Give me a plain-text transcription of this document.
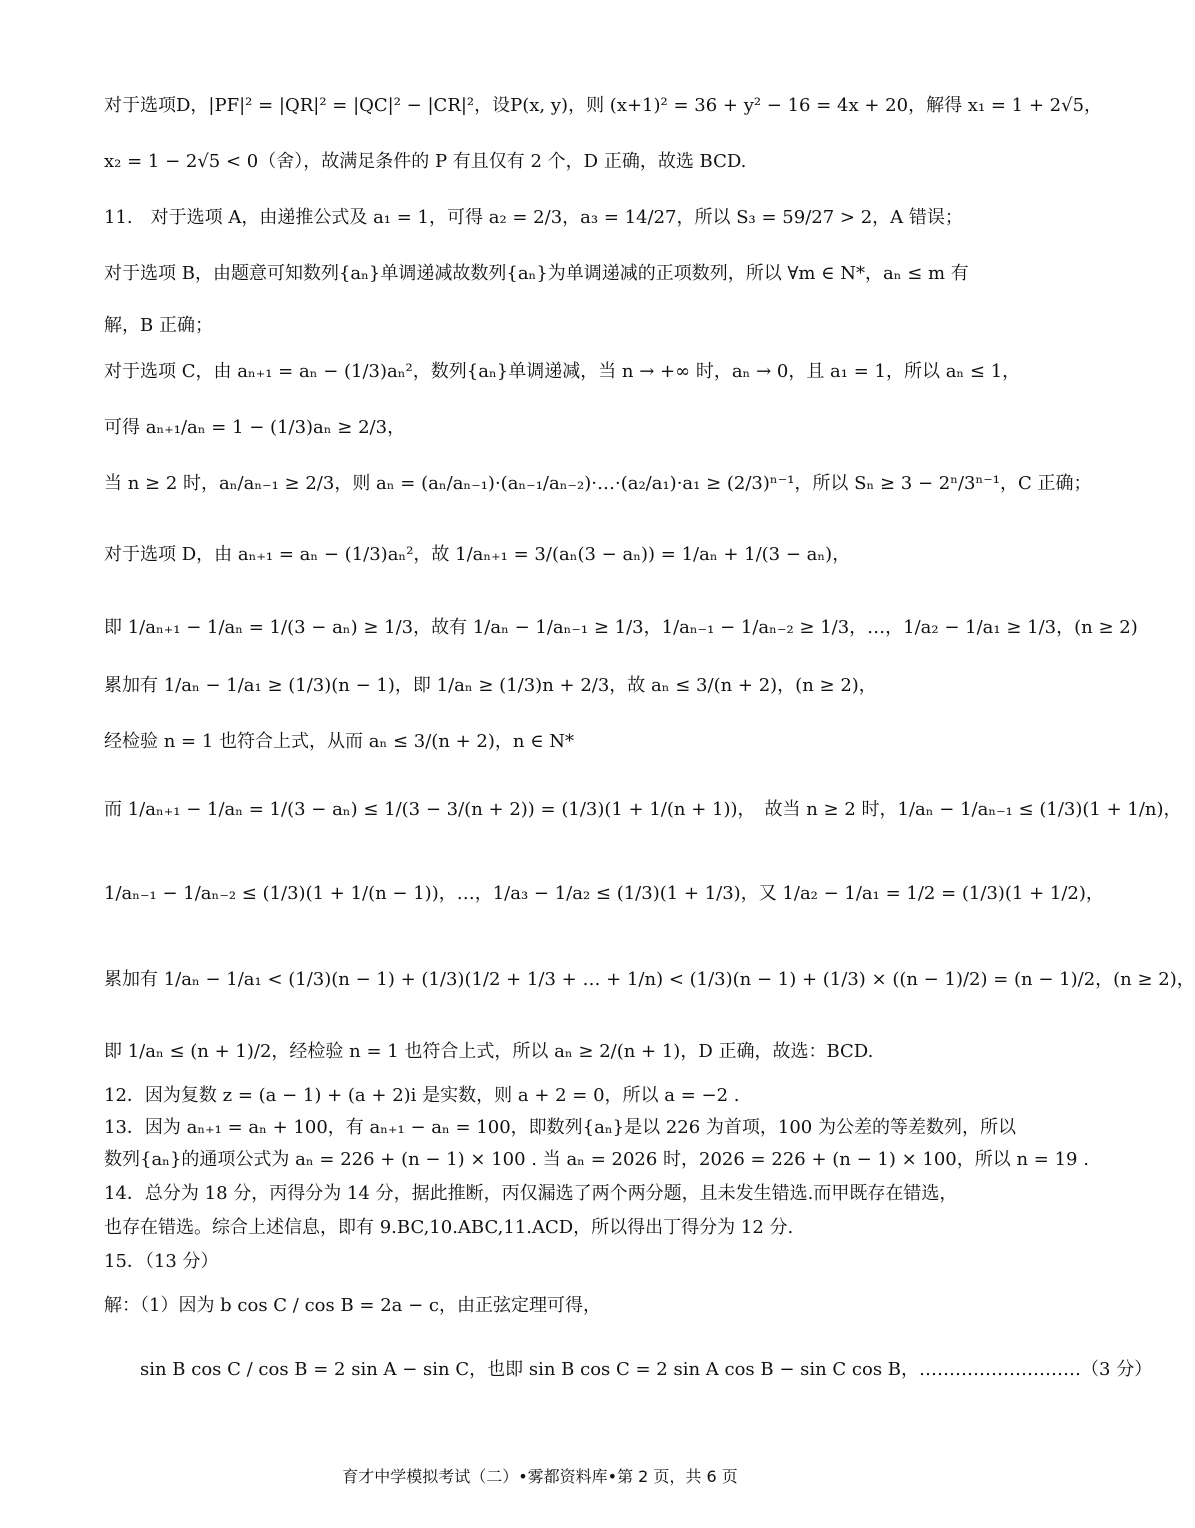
对于选项D，|PF|² = |QR|² = |QC|² − |CR|²，设P(x, y)，则 (x+1)² = 36 + y² − 16 = 4x + 20，解得 x₁ = 1 + 2√5，
x₂ = 1 − 2√5 < 0（舍），故满足条件的 P 有且仅有 2 个，D 正确，故选 BCD.
11.　对于选项 A，由递推公式及 a₁ = 1，可得 a₂ = 2/3，a₃ = 14/27，所以 S₃ = 59/27 > 2，A 错误；
对于选项 B，由题意可知数列{aₙ}单调递减故数列{aₙ}为单调递减的正项数列，所以 ∀m ∈ N*，aₙ ≤ m 有
解，B 正确；
对于选项 C，由 aₙ₊₁ = aₙ − (1/3)aₙ²，数列{aₙ}单调递减，当 n → +∞ 时，aₙ → 0，且 a₁ = 1，所以 aₙ ≤ 1，
可得 aₙ₊₁/aₙ = 1 − (1/3)aₙ ≥ 2/3，
当 n ≥ 2 时，aₙ/aₙ₋₁ ≥ 2/3，则 aₙ = (aₙ/aₙ₋₁)·(aₙ₋₁/aₙ₋₂)·…·(a₂/a₁)·a₁ ≥ (2/3)ⁿ⁻¹，所以 Sₙ ≥ 3 − 2ⁿ/3ⁿ⁻¹，C 正确；
对于选项 D，由 aₙ₊₁ = aₙ − (1/3)aₙ²，故 1/aₙ₊₁ = 3/(aₙ(3 − aₙ)) = 1/aₙ + 1/(3 − aₙ)，
即 1/aₙ₊₁ − 1/aₙ = 1/(3 − aₙ) ≥ 1/3，故有 1/aₙ − 1/aₙ₋₁ ≥ 1/3，1/aₙ₋₁ − 1/aₙ₋₂ ≥ 1/3，…，1/a₂ − 1/a₁ ≥ 1/3，(n ≥ 2)
累加有 1/aₙ − 1/a₁ ≥ (1/3)(n − 1)，即 1/aₙ ≥ (1/3)n + 2/3，故 aₙ ≤ 3/(n + 2)，(n ≥ 2)，
经检验 n = 1 也符合上式，从而 aₙ ≤ 3/(n + 2)，n ∈ N*
而 1/aₙ₊₁ − 1/aₙ = 1/(3 − aₙ) ≤ 1/(3 − 3/(n + 2)) = (1/3)(1 + 1/(n + 1))，　故当 n ≥ 2 时，1/aₙ − 1/aₙ₋₁ ≤ (1/3)(1 + 1/n)，
1/aₙ₋₁ − 1/aₙ₋₂ ≤ (1/3)(1 + 1/(n − 1))，…，1/a₃ − 1/a₂ ≤ (1/3)(1 + 1/3)，又 1/a₂ − 1/a₁ = 1/2 = (1/3)(1 + 1/2)，
累加有 1/aₙ − 1/a₁ < (1/3)(n − 1) + (1/3)(1/2 + 1/3 + … + 1/n) < (1/3)(n − 1) + (1/3) × ((n − 1)/2) = (n − 1)/2，(n ≥ 2)，
即 1/aₙ ≤ (n + 1)/2，经检验 n = 1 也符合上式，所以 aₙ ≥ 2/(n + 1)，D 正确，故选：BCD.
12．因为复数 z = (a − 1) + (a + 2)i 是实数，则 a + 2 = 0，所以 a = −2 .
13．因为 aₙ₊₁ = aₙ + 100，有 aₙ₊₁ − aₙ = 100，即数列{aₙ}是以 226 为首项，100 为公差的等差数列，所以
数列{aₙ}的通项公式为 aₙ = 226 + (n − 1) × 100 . 当 aₙ = 2026 时，2026 = 226 + (n − 1) × 100，所以 n = 19 .
14．总分为 18 分，丙得分为 14 分，据此推断，丙仅漏选了两个两分题，且未发生错选.而甲既存在错选，
也存在错选。综合上述信息，即有 9.BC,10.ABC,11.ACD，所以得出丁得分为 12 分.
15．（13 分）
解：（1）因为 b cos C / cos B = 2a − c，由正弦定理可得，
sin B cos C / cos B = 2 sin A − sin C，也即 sin B cos C = 2 sin A cos B − sin C cos B，………………………（3 分）
育才中学模拟考试（二）•雾都资料库•第 2 页，共 6 页
